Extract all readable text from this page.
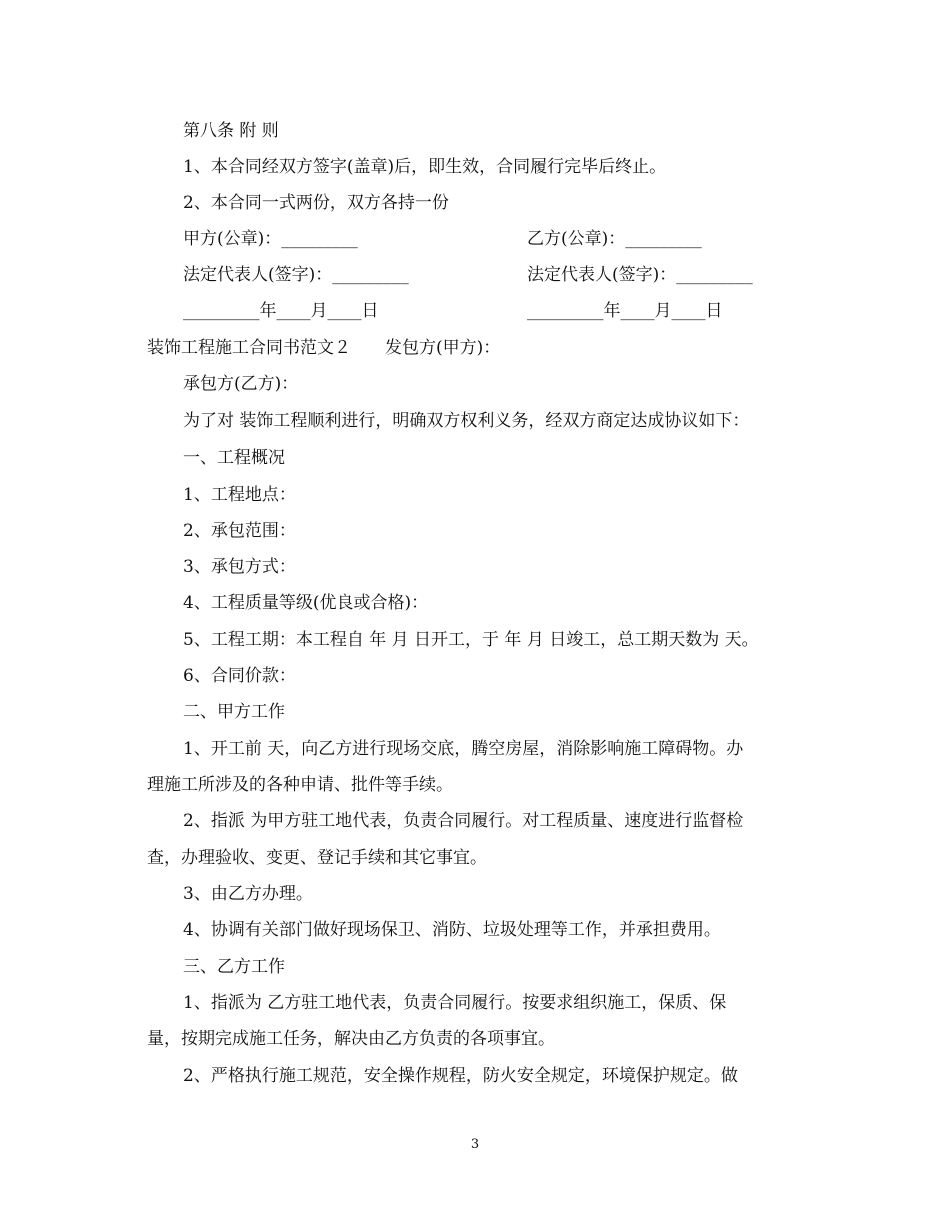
第八条 附 则
1、本合同经双方签字(盖章)后，即生效，合同履行完毕后终止。
2、本合同一式两份，双方各持一份
甲方(公章)：_________	乙方(公章)：_________
法定代表人(签字)：_________	法定代表人(签字)：_________
_________年____月____日	_________年____月____日
装饰工程施工合同书范文２　　发包方(甲方)：
承包方(乙方)：
为了对 装饰工程顺利进行，明确双方权利义务，经双方商定达成协议如下：
一、工程概况
1、工程地点：
2、承包范围：
3、承包方式：
4、工程质量等级(优良或合格)：
5、工程工期：本工程自 年 月 日开工，于 年 月 日竣工，总工期天数为 天。
6、合同价款：
二、甲方工作
1、开工前 天，向乙方进行现场交底，腾空房屋，消除影响施工障碍物。办
理施工所涉及的各种申请、批件等手续。
2、指派 为甲方驻工地代表，负责合同履行。对工程质量、速度进行监督检
查，办理验收、变更、登记手续和其它事宜。
3、由乙方办理。
4、协调有关部门做好现场保卫、消防、垃圾处理等工作，并承担费用。
三、乙方工作
1、指派为 乙方驻工地代表，负责合同履行。按要求组织施工，保质、保
量，按期完成施工任务，解决由乙方负责的各项事宜。
2、严格执行施工规范，安全操作规程，防火安全规定，环境保护规定。做
3
